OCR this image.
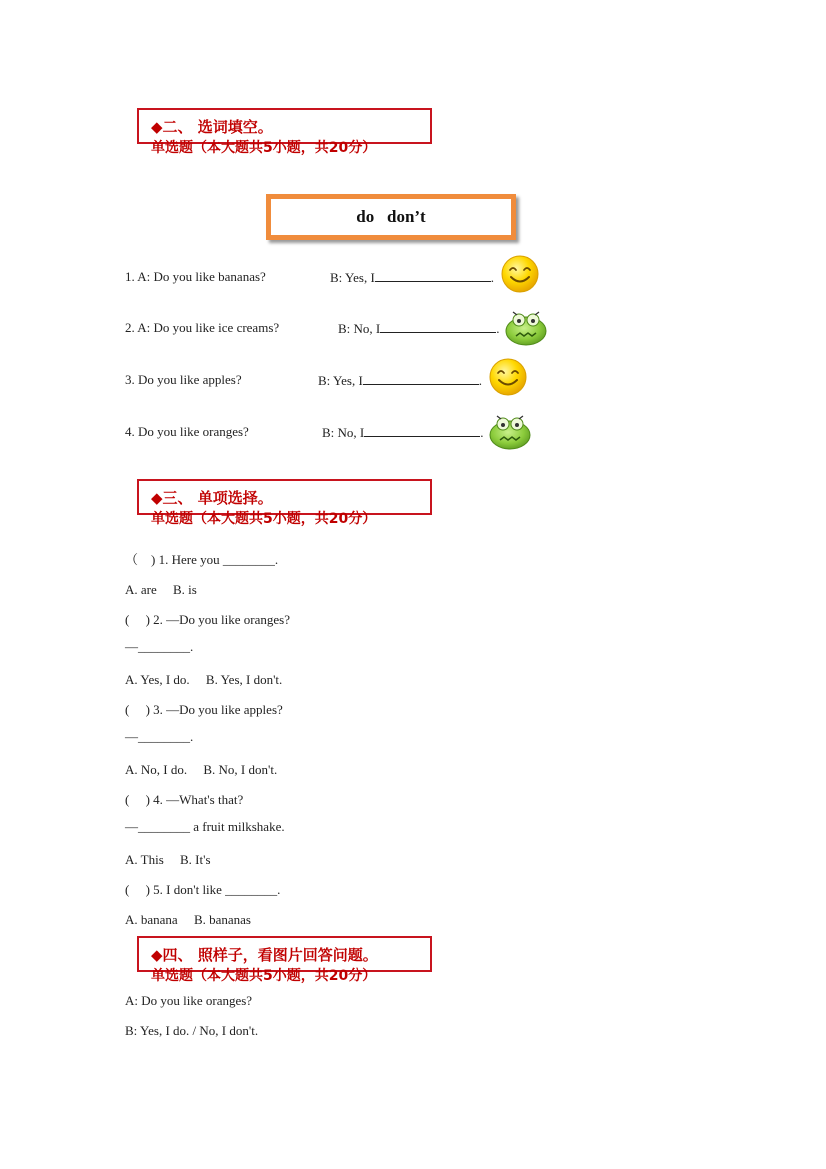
◆二、 选词填空。
单选题（本大题共5小题，共20分）
do   don’t
1. A: Do you like bananas?	B: Yes, I	.
2. A: Do you like ice creams?	B: No, I	.
3. Do you like apples?	B: Yes, I	.
4. Do you like oranges?	B: No, I	.
◆三、 单项选择。
单选题（本大题共5小题，共20分）
（　) 1. Here you ________.
A. are　 B. is
(　 ) 2. —Do you like oranges?
—________.
A. Yes, I do.　 B. Yes, I don't.
(　 ) 3. —Do you like apples?
—________.
A. No, I do.　 B. No, I don't.
(　 ) 4. —What's that?
—________ a fruit milkshake.
A. This　 B. It's
(　 ) 5. I don't like ________.
A. banana　 B. bananas
◆四、 照样子，看图片回答问题。
单选题（本大题共5小题，共20分）
A: Do you like oranges?
B: Yes, I do. / No, I don't.
